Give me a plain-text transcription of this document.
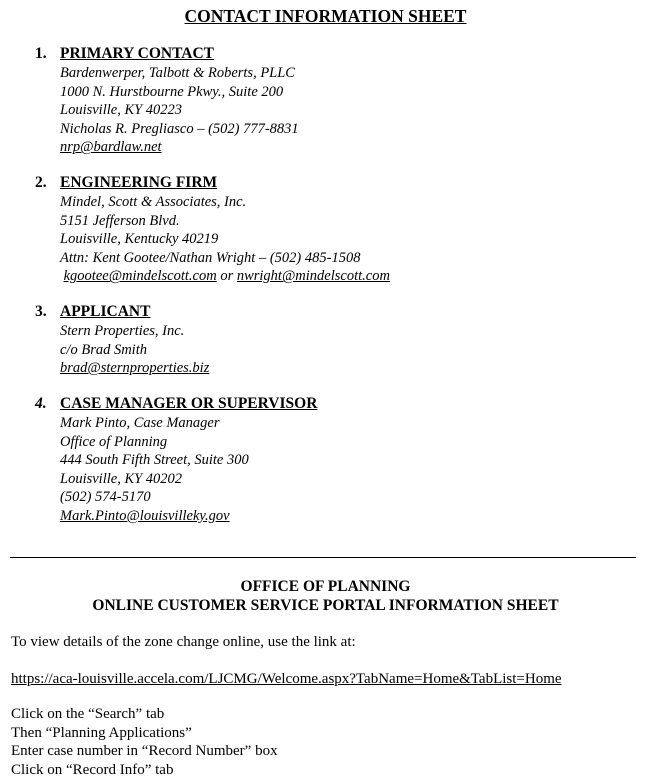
CONTACT INFORMATION SHEET
1. PRIMARY CONTACT
Bardenwerper, Talbott & Roberts, PLLC
1000 N. Hurstbourne Pkwy., Suite 200
Louisville, KY 40223
Nicholas R. Pregliasco – (502) 777-8831
nrp@bardlaw.net
2. ENGINEERING FIRM
Mindel, Scott & Associates, Inc.
5151 Jefferson Blvd.
Louisville, Kentucky 40219
Attn: Kent Gootee/Nathan Wright – (502) 485-1508
kgootee@mindelscott.com or nwright@mindelscott.com
3. APPLICANT
Stern Properties, Inc.
c/o Brad Smith
brad@sternproperties.biz
4. CASE MANAGER OR SUPERVISOR
Mark Pinto, Case Manager
Office of Planning
444 South Fifth Street, Suite 300
Louisville, KY 40202
(502) 574-5170
Mark.Pinto@louisvilleky.gov
OFFICE OF PLANNING
ONLINE CUSTOMER SERVICE PORTAL INFORMATION SHEET
To view details of the zone change online, use the link at:
https://aca-louisville.accela.com/LJCMG/Welcome.aspx?TabName=Home&TabList=Home
Click on the “Search” tab
Then “Planning Applications”
Enter case number in “Record Number” box
Click on “Record Info” tab
